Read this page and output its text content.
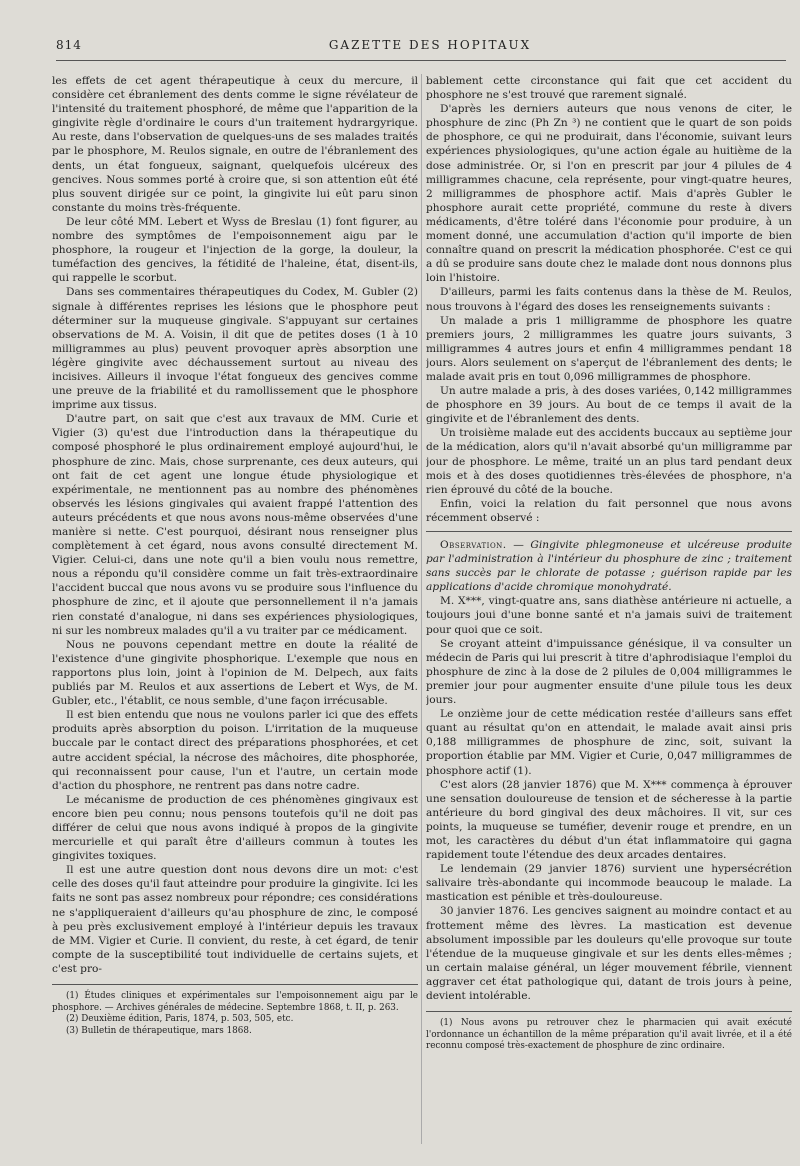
814	GAZETTE DES HOPITAUX

les effets de cet agent thérapeutique à ceux du mercure, il considère cet ébranlement des dents comme le signe révélateur de l'intensité du traitement phosphoré, de même que l'apparition de la gingivite règle d'ordinaire le cours d'un traitement hydrargyrique. Au reste, dans l'observation de quelques-uns de ses malades traités par le phosphore, M. Reulos signale, en outre de l'ébranlement des dents, un état fongueux, saignant, quelquefois ulcéreux des gencives. Nous sommes porté à croire que, si son attention eût été plus souvent dirigée sur ce point, la gingivite lui eût paru sinon constante du moins très-fréquente.

De leur côté MM. Lebert et Wyss de Breslau (1) font figurer, au nombre des symptômes de l'empoisonnement aigu par le phosphore, la rougeur et l'injection de la gorge, la douleur, la tuméfaction des gencives, la fétidité de l'haleine, état, disent-ils, qui rappelle le scorbut.

Dans ses commentaires thérapeutiques du Codex, M. Gubler (2) signale à différentes reprises les lésions que le phosphore peut déterminer sur la muqueuse gingivale. S'appuyant sur certaines observations de M. A. Voisin, il dit que de petites doses (1 à 10 milligrammes au plus) peuvent provoquer après absorption une légère gingivite avec déchaussement surtout au niveau des incisives. Ailleurs il invoque l'état fongueux des gencives comme une preuve de la friabilité et du ramollissement que le phosphore imprime aux tissus.

D'autre part, on sait que c'est aux travaux de MM. Curie et Vigier (3) qu'est due l'introduction dans la thérapeutique du composé phosphoré le plus ordinairement employé aujourd'hui, le phosphure de zinc. Mais, chose surprenante, ces deux auteurs, qui ont fait de cet agent une longue étude physiologique et expérimentale, ne mentionnent pas au nombre des phénomènes observés les lésions gingivales qui avaient frappé l'attention des auteurs précédents et que nous avons nous-même observées d'une manière si nette. C'est pourquoi, désirant nous renseigner plus complètement à cet égard, nous avons consulté directement M. Vigier. Celui-ci, dans une note qu'il a bien voulu nous remettre, nous a répondu qu'il considère comme un fait très-extraordinaire l'accident buccal que nous avons vu se produire sous l'influence du phosphure de zinc, et il ajoute que personnellement il n'a jamais rien constaté d'analogue, ni dans ses expériences physiologiques, ni sur les nombreux malades qu'il a vu traiter par ce médicament.

Nous ne pouvons cependant mettre en doute la réalité de l'existence d'une gingivite phosphorique. L'exemple que nous en rapportons plus loin, joint à l'opinion de M. Delpech, aux faits publiés par M. Reulos et aux assertions de Lebert et Wys, de M. Gubler, etc., l'établit, ce nous semble, d'une façon irrécusable.

Il est bien entendu que nous ne voulons parler ici que des effets produits après absorption du poison. L'irritation de la muqueuse buccale par le contact direct des préparations phosphorées, et cet autre accident spécial, la nécrose des mâchoires, dite phosphorée, qui reconnaissent pour cause, l'un et l'autre, un certain mode d'action du phosphore, ne rentrent pas dans notre cadre.

Le mécanisme de production de ces phénomènes gingivaux est encore bien peu connu; nous pensons toutefois qu'il ne doit pas différer de celui que nous avons indiqué à propos de la gingivite mercurielle et qui paraît être d'ailleurs commun à toutes les gingivites toxiques.

Il est une autre question dont nous devons dire un mot: c'est celle des doses qu'il faut atteindre pour produire la gingivite. Ici les faits ne sont pas assez nombreux pour répondre; ces considérations ne s'appliqueraient d'ailleurs qu'au phosphure de zinc, le composé à peu près exclusivement employé à l'intérieur depuis les travaux de MM. Vigier et Curie. Il convient, du reste, à cet égard, de tenir compte de la susceptibilité tout individuelle de certains sujets, et c'est pro-

(1) Études cliniques et expérimentales sur l'empoisonnement aigu par le phosphore. — Archives générales de médecine. Septembre 1868, t. II, p. 263.

(2) Deuxième édition, Paris, 1874, p. 503, 505, etc.

(3) Bulletin de thérapeutique, mars 1868.

bablement cette circonstance qui fait que cet accident du phosphore ne s'est trouvé que rarement signalé.

D'après les derniers auteurs que nous venons de citer, le phosphure de zinc (Ph Zn ³) ne contient que le quart de son poids de phosphore, ce qui ne produirait, dans l'économie, suivant leurs expériences physiologiques, qu'une action égale au huitième de la dose administrée. Or, si l'on en prescrit par jour 4 pilules de 4 milligrammes chacune, cela représente, pour vingt-quatre heures, 2 milligrammes de phosphore actif. Mais d'après Gubler le phosphore aurait cette propriété, commune du reste à divers médicaments, d'être toléré dans l'économie pour produire, à un moment donné, une accumulation d'action qu'il importe de bien connaître quand on prescrit la médication phosphorée. C'est ce qui a dû se produire sans doute chez le malade dont nous donnons plus loin l'histoire.

D'ailleurs, parmi les faits contenus dans la thèse de M. Reulos, nous trouvons à l'égard des doses les renseignements suivants :

Un malade a pris 1 milligramme de phosphore les quatre premiers jours, 2 milligrammes les quatre jours suivants, 3 milligrammes 4 autres jours et enfin 4 milligrammes pendant 18 jours. Alors seulement on s'aperçut de l'ébranlement des dents; le malade avait pris en tout 0,096 milligrammes de phosphore.

Un autre malade a pris, à des doses variées, 0,142 milligrammes de phosphore en 39 jours. Au bout de ce temps il avait de la gingivite et de l'ébranlement des dents.

Un troisième malade eut des accidents buccaux au septième jour de la médication, alors qu'il n'avait absorbé qu'un milligramme par jour de phosphore. Le même, traité un an plus tard pendant deux mois et à des doses quotidiennes très-élevées de phosphore, n'a rien éprouvé du côté de la bouche.

Enfin, voici la relation du fait personnel que nous avons récemment observé :

Observation. — Gingivite phlegmoneuse et ulcéreuse produite par l'administration à l'intérieur du phosphure de zinc ; traitement sans succès par le chlorate de potasse ; guérison rapide par les applications d'acide chromique monohydraté.

M. X***, vingt-quatre ans, sans diathèse antérieure ni actuelle, a toujours joui d'une bonne santé et n'a jamais suivi de traitement pour quoi que ce soit.

Se croyant atteint d'impuissance génésique, il va consulter un médecin de Paris qui lui prescrit à titre d'aphrodisiaque l'emploi du phosphure de zinc à la dose de 2 pilules de 0,004 milligrammes le premier jour pour augmenter ensuite d'une pilule tous les deux jours.

Le onzième jour de cette médication restée d'ailleurs sans effet quant au résultat qu'on en attendait, le malade avait ainsi pris 0,188 milligrammes de phosphure de zinc, soit, suivant la proportion établie par MM. Vigier et Curie, 0,047 milligrammes de phosphore actif (1).

C'est alors (28 janvier 1876) que M. X*** commença à éprouver une sensation douloureuse de tension et de sécheresse à la partie antérieure du bord gingival des deux mâchoires. Il vit, sur ces points, la muqueuse se tuméfier, devenir rouge et prendre, en un mot, les caractères du début d'un état inflammatoire qui gagna rapidement toute l'étendue des deux arcades dentaires.

Le lendemain (29 janvier 1876) survient une hypersécrétion salivaire très-abondante qui incommode beaucoup le malade. La mastication est pénible et très-douloureuse.

30 janvier 1876. Les gencives saignent au moindre contact et au frottement même des lèvres. La mastication est devenue absolument impossible par les douleurs qu'elle provoque sur toute l'étendue de la muqueuse gingivale et sur les dents elles-mêmes ; un certain malaise général, un léger mouvement fébrile, viennent aggraver cet état pathologique qui, datant de trois jours à peine, devient intolérable.

(1) Nous avons pu retrouver chez le pharmacien qui avait exécuté l'ordonnance un échantillon de la même préparation qu'il avait livrée, et il a été reconnu composé très-exactement de phosphure de zinc ordinaire.
